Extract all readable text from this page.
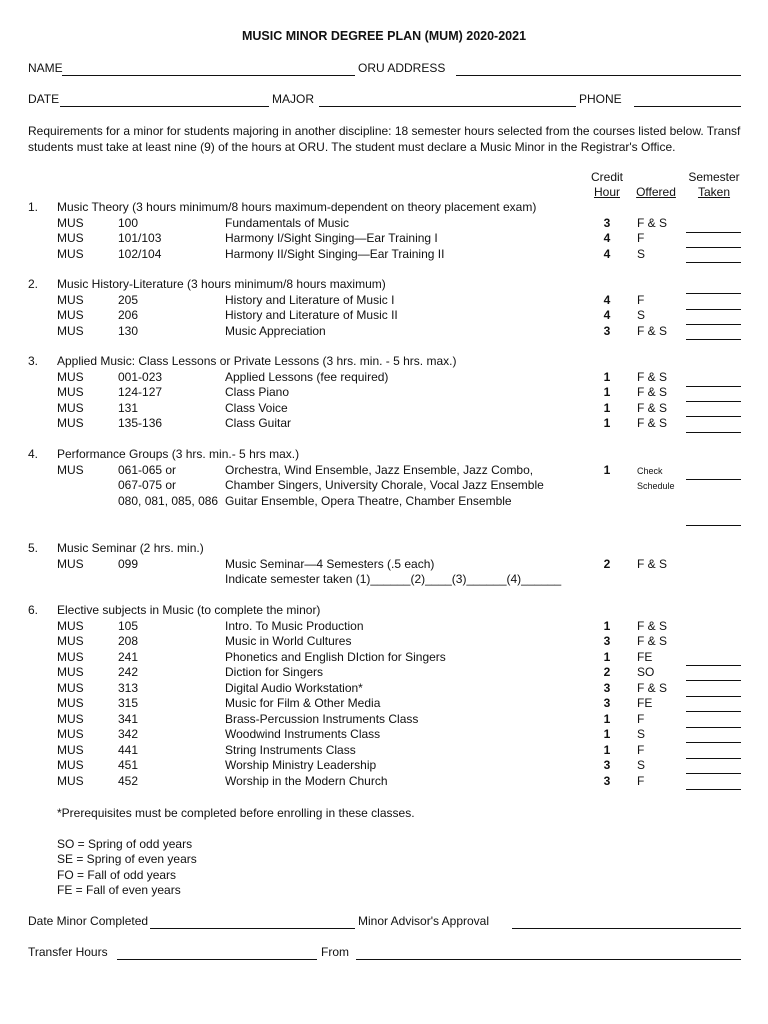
MUSIC MINOR DEGREE PLAN (MUM) 2020-2021
NAME	ORU ADDRESS
DATE	MAJOR	PHONE
Requirements for a minor for students majoring in another discipline: 18 semester hours selected from the courses listed below. Transf
students must take at least nine (9) of the hours at ORU. The student must declare a Music Minor in the Registrar's Office.
Credit
Hour	Offered
Semester
Taken
1. Music Theory (3 hours minimum/8 hours maximum-dependent on theory placement exam)
MUS	100	Fundamentals of Music	3	F & S
MUS	101/103	Harmony I/Sight Singing—Ear Training I	4	F
MUS	102/104	Harmony II/Sight Singing—Ear Training II	4	S
2. Music History-Literature (3 hours minimum/8 hours maximum)
MUS	205	History and Literature of Music I	4	F
MUS	206	History and Literature of Music II	4	S
MUS	130	Music Appreciation	3	F & S
3. Applied Music: Class Lessons or Private Lessons (3 hrs. min. - 5 hrs. max.)
MUS	001-023	Applied Lessons (fee required)	1	F & S
MUS	124-127	Class Piano	1	F & S
MUS	131	Class Voice	1	F & S
MUS	135-136	Class Guitar	1	F & S
4. Performance Groups (3 hrs. min.- 5 hrs max.)
MUS	061-065 or	Orchestra, Wind Ensemble, Jazz Ensemble, Jazz Combo,	1	Check
067-075 or	Chamber Singers, University Chorale, Vocal Jazz Ensemble	Schedule
080, 081, 085, 086 Guitar Ensemble, Opera Theatre, Chamber Ensemble
5. Music Seminar (2 hrs. min.)
MUS	099	Music Seminar—4 Semesters (.5 each)	2	F & S
Indicate semester taken (1)______(2)____(3)______(4)______
6. Elective subjects in Music (to complete the minor)
MUS	105	Intro. To Music Production	1	F & S
MUS	208	Music in World Cultures	3	F & S
MUS	241	Phonetics and English DIction for Singers	1	FE
MUS	242	Diction for Singers	2	SO
MUS	313	Digital Audio Workstation*	3	F & S
MUS	315	Music for Film & Other Media	3	FE
MUS	341	Brass-Percussion Instruments Class	1	F
MUS	342	Woodwind Instruments Class	1	S
MUS	441	String Instruments Class	1	F
MUS	451	Worship Ministry Leadership	3	S
MUS	452	Worship in the Modern Church	3	F
*Prerequisites must be completed before enrolling in these classes.
SO = Spring of odd years
SE = Spring of even years
FO = Fall of odd years
FE = Fall of even years
Date Minor Completed	Minor Advisor's Approval
Transfer Hours	From
